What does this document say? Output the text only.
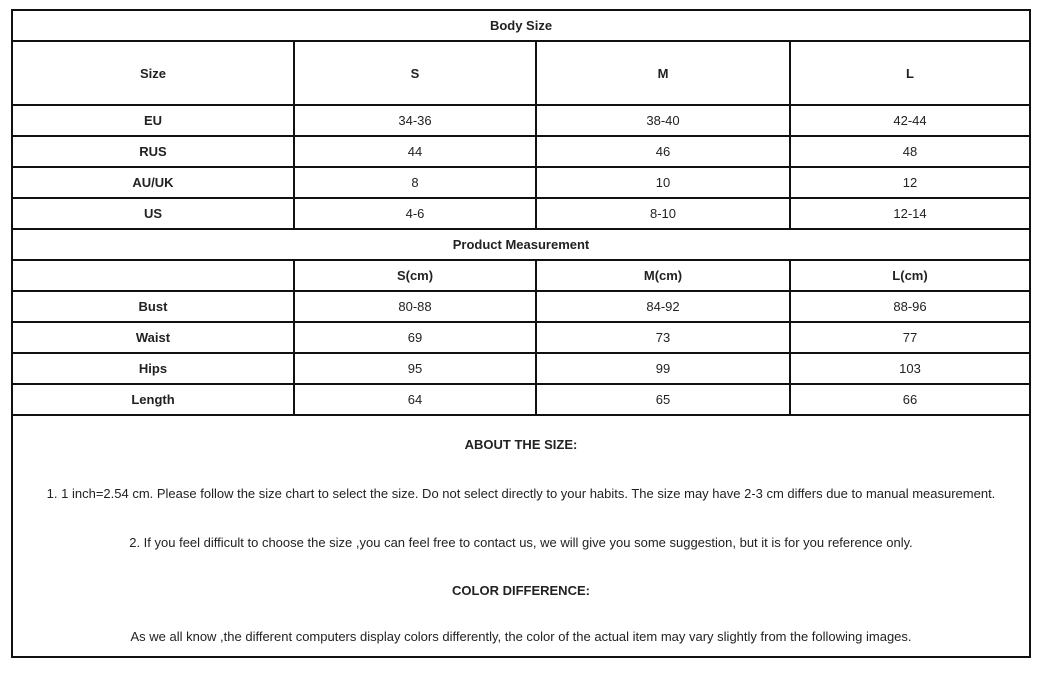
Body Size			
Size	S	M	L
EU	34-36	38-40	42-44
RUS	44	46	48
AU/UK	8	10	12
US	4-6	8-10	12-14
Product Measurement			
	S(cm)	M(cm)	L(cm)
Bust	80-88	84-92	88-96
Waist	69	73	77
Hips	95	99	103
Length	64	65	66

ABOUT THE SIZE:
1. 1 inch=2.54 cm. Please follow the size chart to select the size. Do not select directly to your habits. The size may have 2-3 cm differs due to manual measurement.
2. If you feel difficult to choose the size ,you can feel free to contact us, we will give you some suggestion, but it is for you reference only.
COLOR DIFFERENCE:
As we all know ,the different computers display colors differently, the color of the actual item may vary slightly from the following images.			
